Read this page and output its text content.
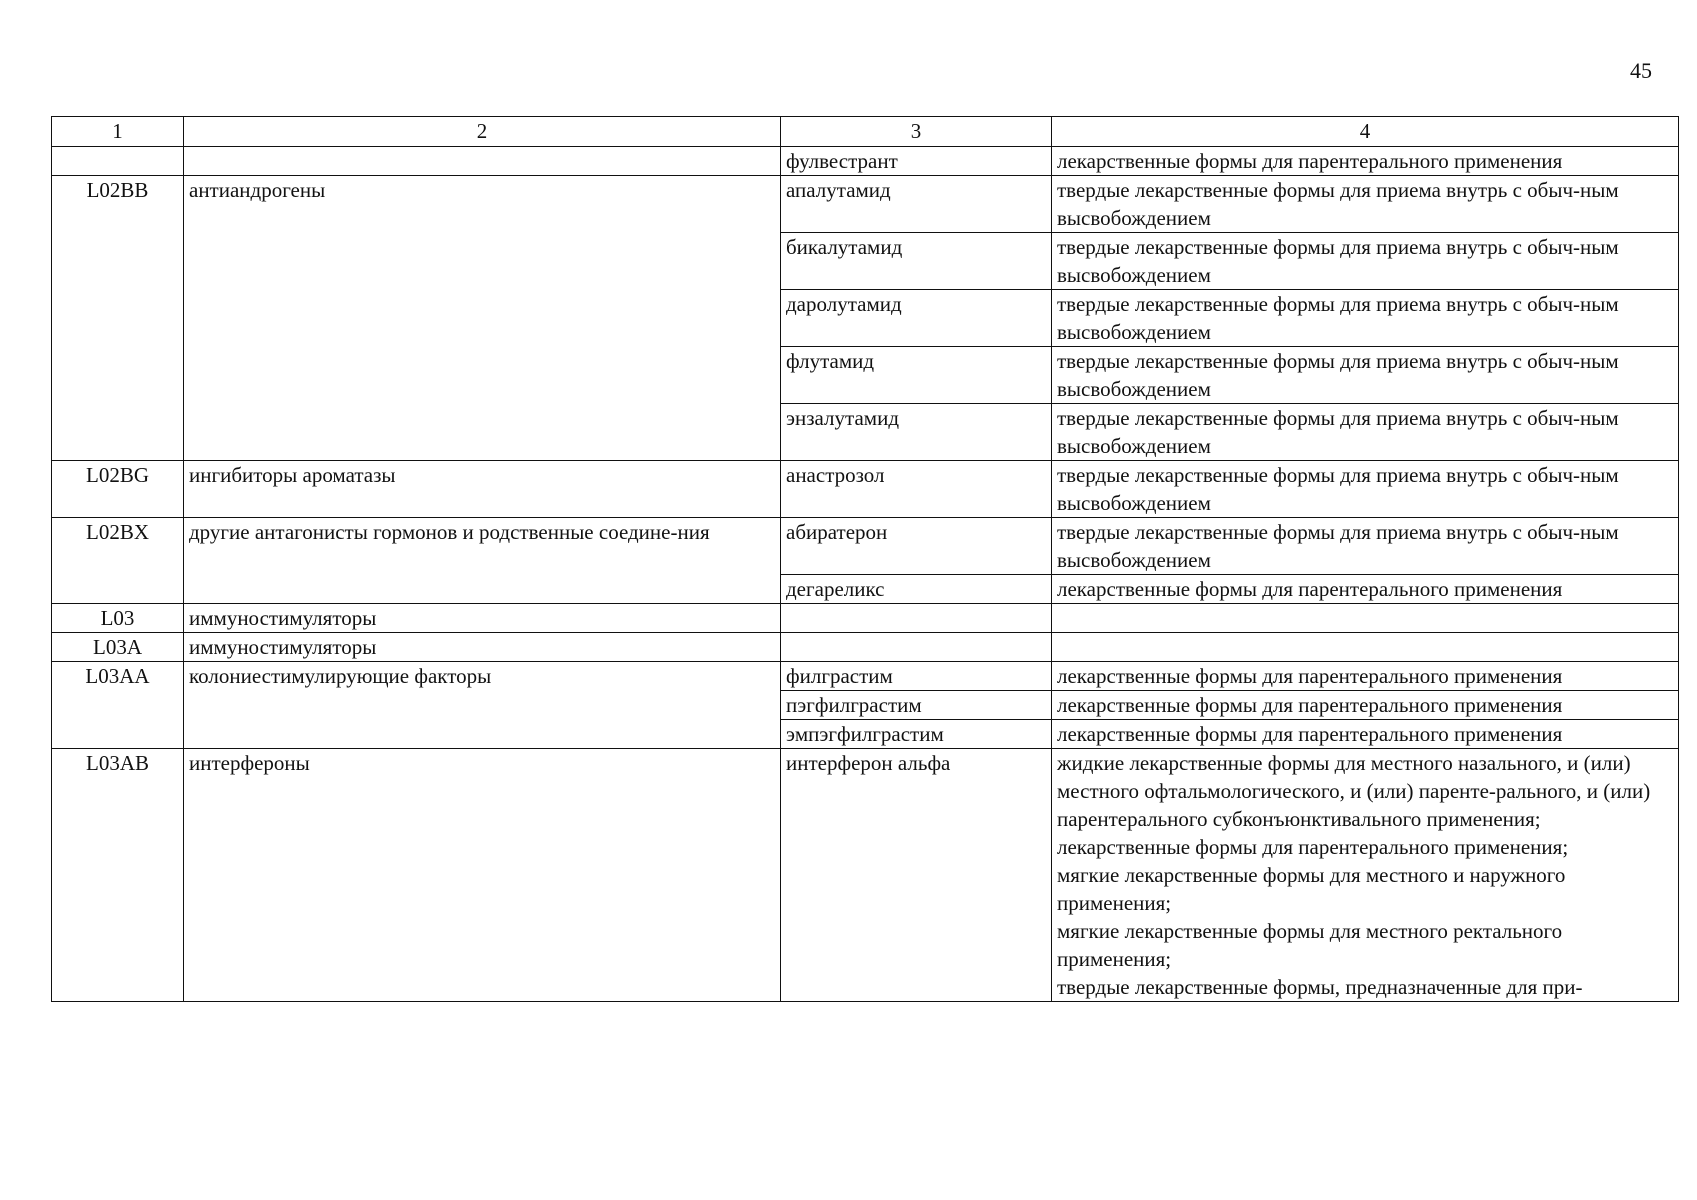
45
1	2	3	4
		фулвестрант	лекарственные формы для парентерального применения

L02BB	антиандрогены	апалутамид	твердые лекарственные формы для приема внутрь с обыч-ным высвобождением

		бикалутамид	твердые лекарственные формы для приема внутрь с обыч-ным высвобождением

		даролутамид	твердые лекарственные формы для приема внутрь с обыч-ным высвобождением

		флутамид	твердые лекарственные формы для приема внутрь с обыч-ным высвобождением

		энзалутамид	твердые лекарственные формы для приема внутрь с обыч-ным высвобождением

L02BG	ингибиторы ароматазы	анастрозол	твердые лекарственные формы для приема внутрь с обыч-ным высвобождением

L02BX	другие антагонисты гормонов и родственные соедине-ния	абиратерон	твердые лекарственные формы для приема внутрь с обыч-ным высвобождением

		дегареликс	лекарственные формы для парентерального применения

L03	иммуностимуляторы		
L03A	иммуностимуляторы		
L03AA	колониестимулирующие факторы	филграстим	лекарственные формы для парентерального применения

		пэгфилграстим	лекарственные формы для парентерального применения

		эмпэгфилграстим	лекарственные формы для парентерального применения

L03AB	интерфероны	интерферон альфа	жидкие лекарственные формы для местного назального, и (или) местного офтальмологического, и (или) паренте-рального, и (или) парентерального субконъюнктивального применения;
лекарственные формы для парентерального применения;
мягкие лекарственные формы для местного и наружного применения;
мягкие лекарственные формы для местного ректального применения;
твердые лекарственные формы, предназначенные для при-
